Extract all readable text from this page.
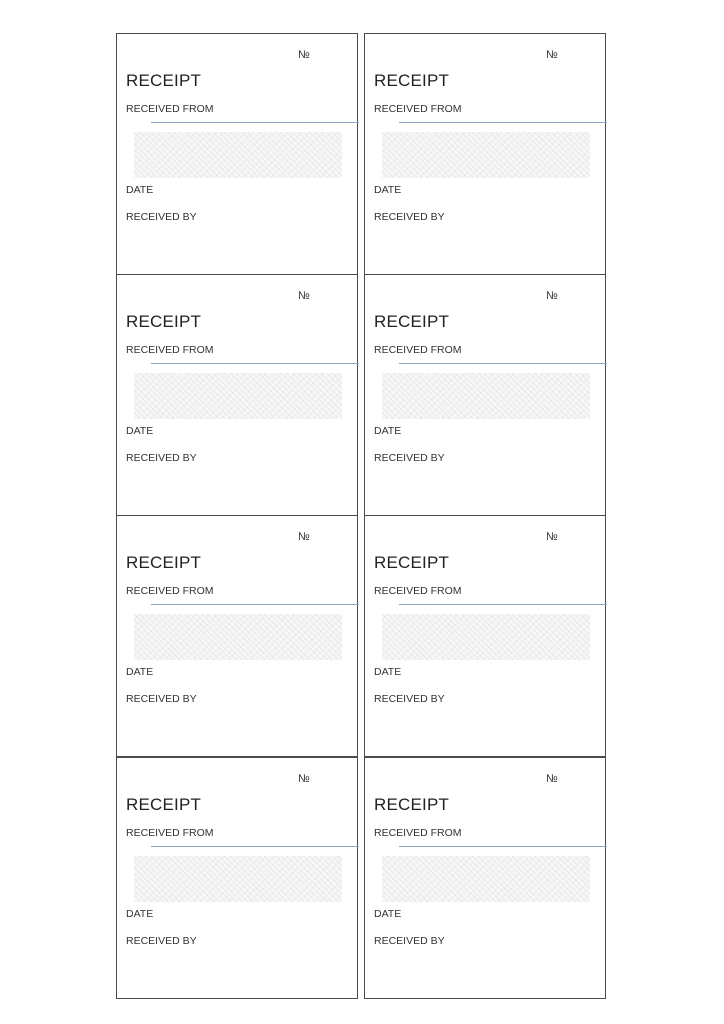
№
RECEIPT
RECEIVED FROM
DATE
RECEIVED BY
№
RECEIPT
RECEIVED FROM
DATE
RECEIVED BY
№
RECEIPT
RECEIVED FROM
DATE
RECEIVED BY
№
RECEIPT
RECEIVED FROM
DATE
RECEIVED BY
№
RECEIPT
RECEIVED FROM
DATE
RECEIVED BY
№
RECEIPT
RECEIVED FROM
DATE
RECEIVED BY
№
RECEIPT
RECEIVED FROM
DATE
RECEIVED BY
№
RECEIPT
RECEIVED FROM
DATE
RECEIVED BY
